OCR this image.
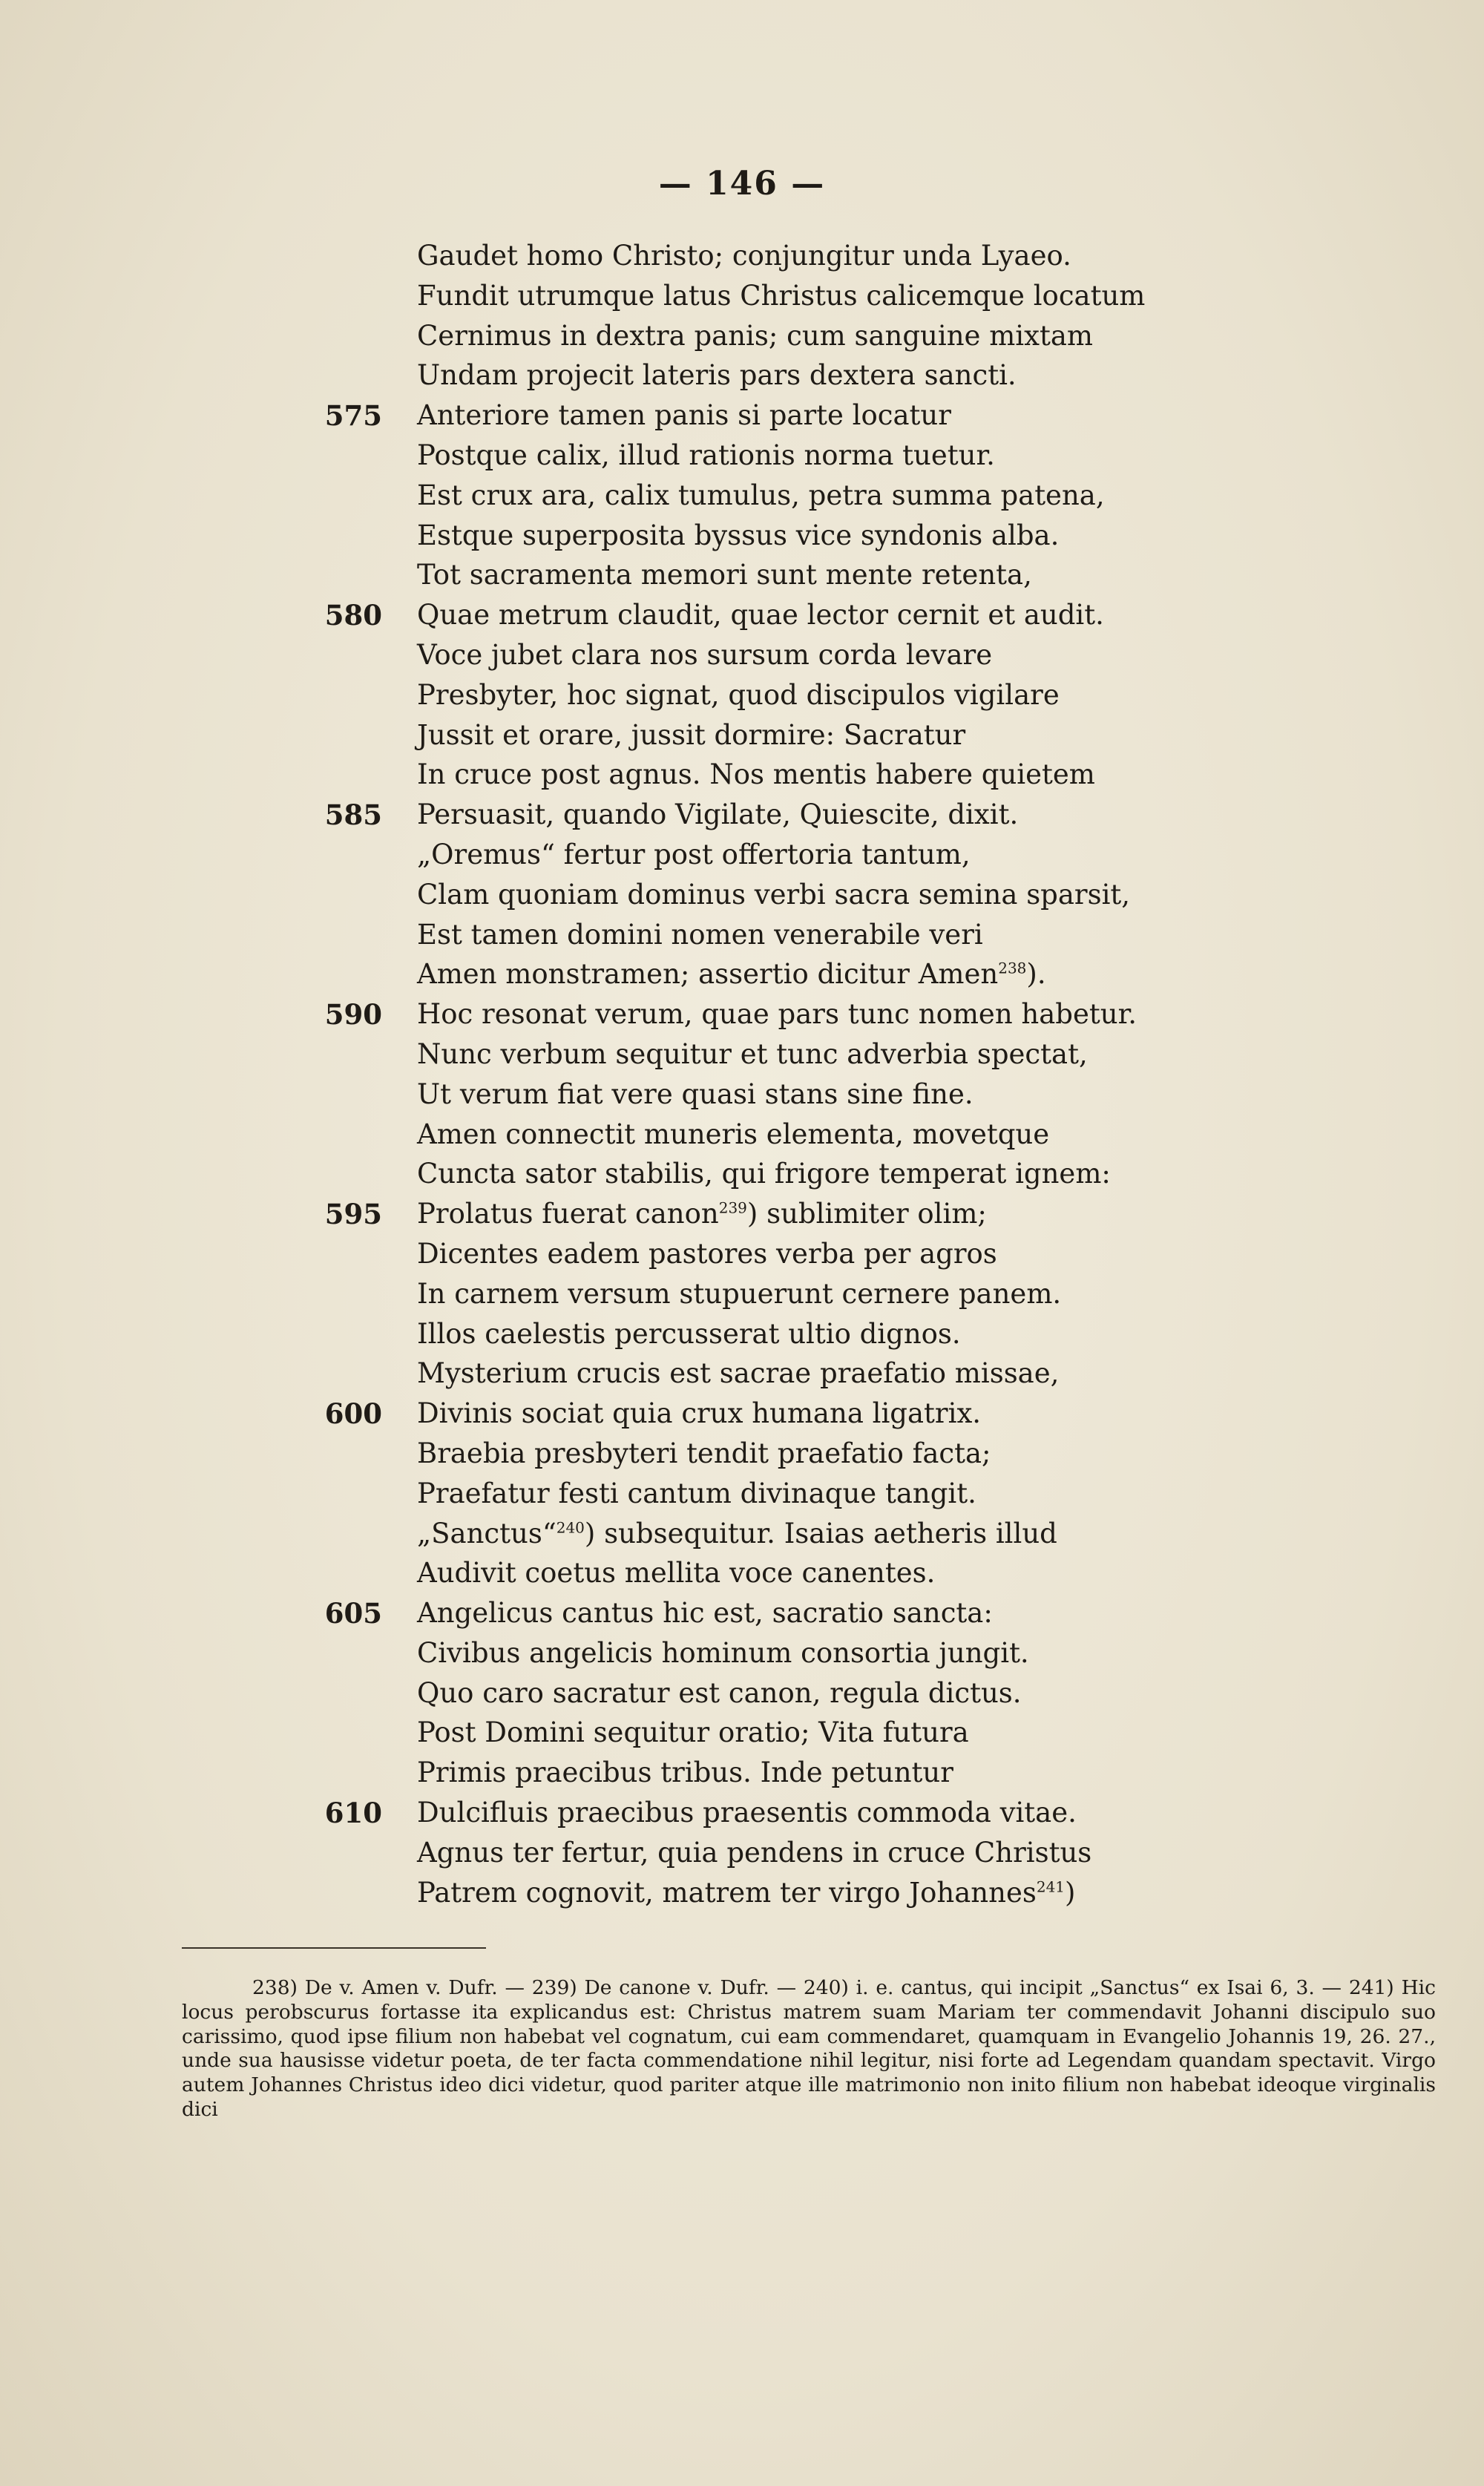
— 146 —
Gaudet homo Christo; conjungitur unda Lyaeo.
Fundit utrumque latus Christus calicemque locatum
Cernimus in dextra panis; cum sanguine mixtam
Undam projecit lateris pars dextera sancti.
575 Anteriore tamen panis si parte locatur
Postque calix, illud rationis norma tuetur.
Est crux ara, calix tumulus, petra summa patena,
Estque superposita byssus vice syndonis alba.
Tot sacramenta memori sunt mente retenta,
580 Quae metrum claudit, quae lector cernit et audit.
Voce jubet clara nos sursum corda levare
Presbyter, hoc signat, quod discipulos vigilare
Jussit et orare, jussit dormire: Sacratur
In cruce post agnus. Nos mentis habere quietem
585 Persuasit, quando Vigilate, Quiescite, dixit.
„Oremus“ fertur post offertoria tantum,
Clam quoniam dominus verbi sacra semina sparsit,
Est tamen domini nomen venerabile veri
Amen monstramen; assertio dicitur Amen$^{238}$).
590 Hoc resonat verum, quae pars tunc nomen habetur.
Nunc verbum sequitur et tunc adverbia spectat,
Ut verum fiat vere quasi stans sine fine.
Amen connectit muneris elementa, movetque
Cuncta sator stabilis, qui frigore temperat ignem:
595 Prolatus fuerat canon$^{239}$) sublimiter olim;
Dicentes eadem pastores verba per agros
In carnem versum stupuerunt cernere panem.
Illos caelestis percusserat ultio dignos.
Mysterium crucis est sacrae praefatio missae,
600 Divinis sociat quia crux humana ligatrix.
Braebia presbyteri tendit praefatio facta;
Praefatur festi cantum divinaque tangit.
„Sanctus“$^{240}$) subsequitur. Isaias aetheris illud
Audivit coetus mellita voce canentes.
605 Angelicus cantus hic est, sacratio sancta:
Civibus angelicis hominum consortia jungit.
Quo caro sacratur est canon, regula dictus.
Post Domini sequitur oratio; Vita futura
Primis praecibus tribus. Inde petuntur
610 Dulcifluis praecibus praesentis commoda vitae.
Agnus ter fertur, quia pendens in cruce Christus
Patrem cognovit, matrem ter virgo Johannes$^{241}$)
238) De v. Amen v. Dufr. — 239) De canone v. Dufr. — 240) i. e. cantus, qui incipit „Sanctus“ ex Isai 6, 3. — 241) Hic locus perobscurus fortasse ita explicandus est: Christus matrem suam Mariam ter commendavit Johanni discipulo suo carissimo, quod ipse filium non habebat vel cognatum, cui eam commendaret, quamquam in Evangelio Johannis 19, 26. 27., unde sua hausisse videtur poeta, de ter facta commendatione nihil legitur, nisi forte ad Legendam quandam spectavit. Virgo autem Johannes Christus ideo dici videtur, quod pariter atque ille matrimonio non inito filium non habebat ideoque virginalis dici
